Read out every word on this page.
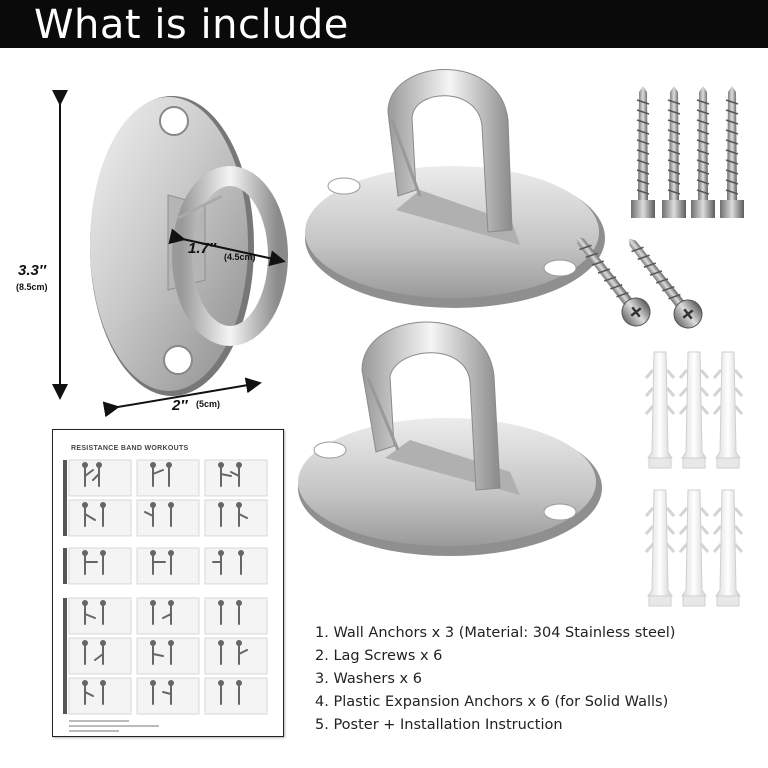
What is include
3.3″
(8.5cm)
1.7″ (4.5cm)
2″ (5cm)
RESISTANCE BAND WORKOUTS
1. Wall Anchors x 3 (Material: 304 Stainless steel)
2. Lag Screws x 6
3. Washers x 6
4. Plastic Expansion Anchors x 6 (for Solid Walls)
5. Poster + Installation Instruction
